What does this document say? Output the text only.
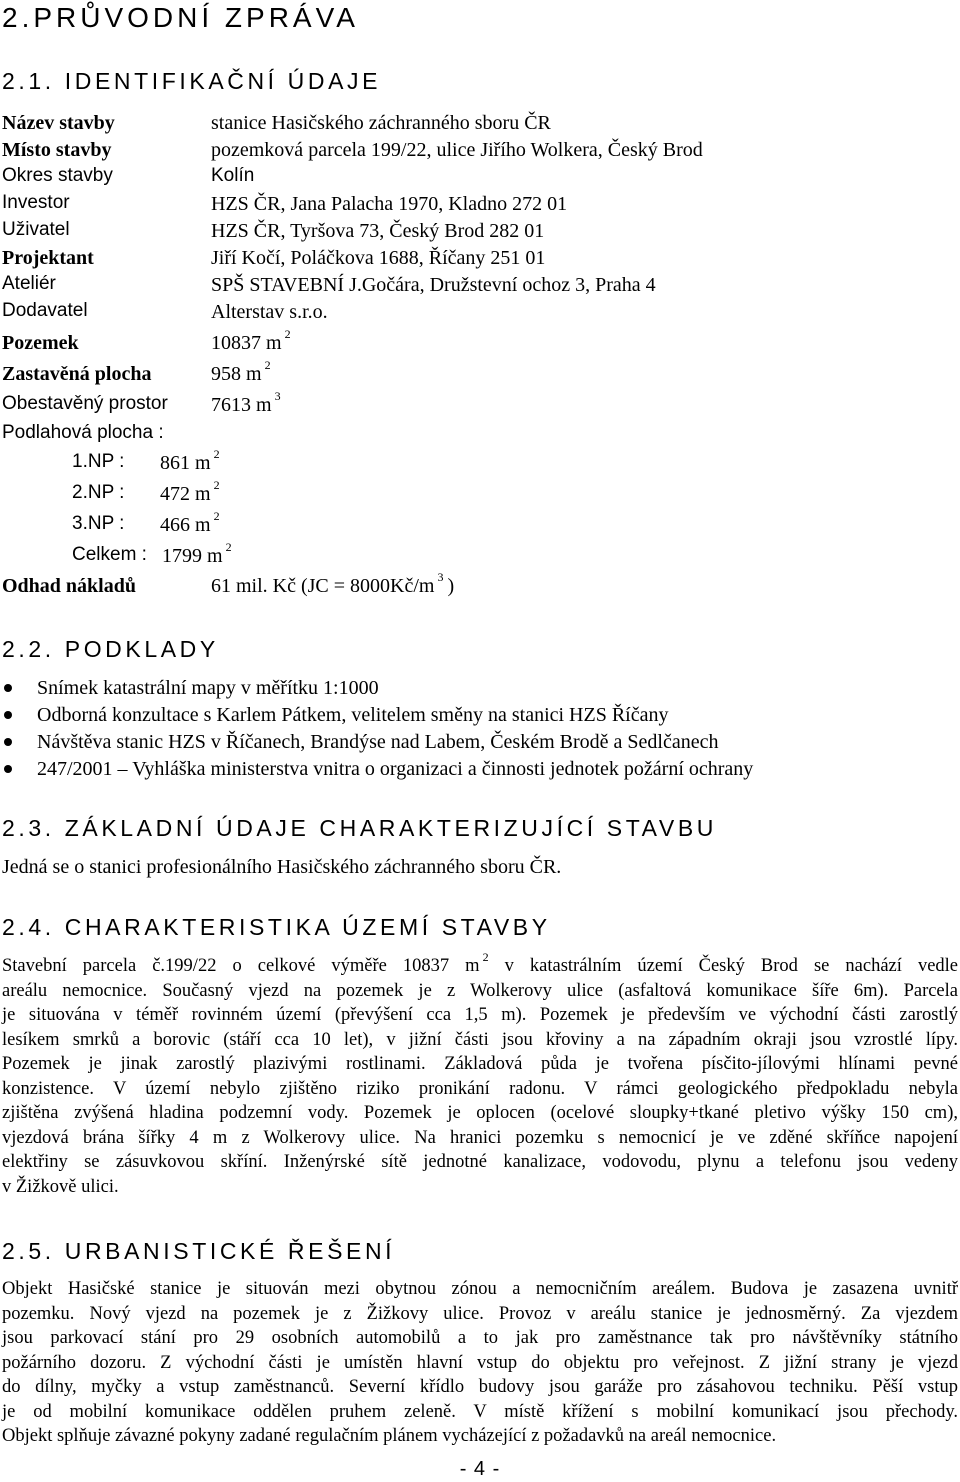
2.PRŮVODNÍ ZPRÁVA
2.1. IDENTIFIKAČNÍ ÚDAJE
Název stavby	stanice Hasičského záchranného sboru ČR
Místo stavby	pozemková parcela 199/22, ulice Jiřího Wolkera, Český Brod
Okres stavby	Kolín
Investor	HZS ČR, Jana Palacha 1970, Kladno 272 01
Uživatel	HZS ČR, Tyršova 73, Český Brod 282 01
Projektant	Jiří Kočí, Poláčkova 1688, Říčany 251 01
Ateliér	SPŠ STAVEBNÍ J.Gočára, Družstevní ochoz 3, Praha 4
Dodavatel	Alterstav s.r.o.
Pozemek	10837 m $^2$
Zastavěná plocha	958 m $^2$
Obestavěný prostor 7613 m $^3$
Podlahová plocha :
1.NP : 861 m $^2$
2.NP : 472 m $^2$
3.NP : 466 m $^2$
Celkem : 1799 m $^2$
Odhad nákladů	61 mil. Kč (JC = 8000Kč/m $^3$ )
2.2. PODKLADY
Snímek katastrální mapy v měřítku 1:1000
Odborná konzultace s Karlem Pátkem, velitelem směny na stanici HZS Říčany
Návštěva stanic HZS v Říčanech, Brandýse nad Labem, Českém Brodě a Sedlčanech
247/2001 – Vyhláška ministerstva vnitra o organizaci a činnosti jednotek požární ochrany
2.3. ZÁKLADNÍ ÚDAJE CHARAKTERIZUJÍCÍ STAVBU
Jedná se o stanici profesionálního Hasičského záchranného sboru ČR.
2.4. CHARAKTERISTIKA ÚZEMÍ STAVBY
Stavební parcela č.199/22 o celkové výměře 10837 m $^2$ v katastrálním území Český Brod se nachází vedle
areálu nemocnice. Současný vjezd na pozemek je z Wolkerovy ulice (asfaltová komunikace šíře 6m). Parcela
je situována v téměř rovinném území (převýšení cca 1,5 m). Pozemek je především ve východní části zarostlý
lesíkem smrků a borovic (stáří cca 10 let), v jižní části jsou křoviny a na západním okraji jsou vzrostlé lípy.
Pozemek je jinak zarostlý plazivými rostlinami. Základová půda je tvořena písčito-jílovými hlínami pevné
konzistence. V území nebylo zjištěno riziko pronikání radonu. V rámci geologického předpokladu nebyla
zjištěna zvýšená hladina podzemní vody. Pozemek je oplocen (ocelové sloupky+tkané pletivo výšky 150 cm),
vjezdová brána šířky 4 m z Wolkerovy ulice. Na hranici pozemku s nemocnicí je ve zděné skříňce napojení
elektřiny se zásuvkovou skříní. Inženýrské sítě jednotné kanalizace, vodovodu, plynu a telefonu jsou vedeny
v Žižkově ulici.
2.5. URBANISTICKÉ ŘEŠENÍ
Objekt Hasičské stanice je situován mezi obytnou zónou a nemocničním areálem. Budova je zasazena uvnitř
pozemku. Nový vjezd na pozemek je z Žižkovy ulice. Provoz v areálu stanice je jednosměrný. Za vjezdem
jsou parkovací stání pro 29 osobních automobilů a to jak pro zaměstnance tak pro návštěvníky státního
požárního dozoru. Z východní části je umístěn hlavní vstup do objektu pro veřejnost. Z jižní strany je vjezd
do dílny, myčky a vstup zaměstnanců. Severní křídlo budovy jsou garáže pro zásahovou techniku. Pěší vstup
je od mobilní komunikace oddělen pruhem zeleně. V místě křížení s mobilní komunikací jsou přechody.
Objekt splňuje závazné pokyny zadané regulačním plánem vycházející z požadavků na areál nemocnice.
- 4 -
